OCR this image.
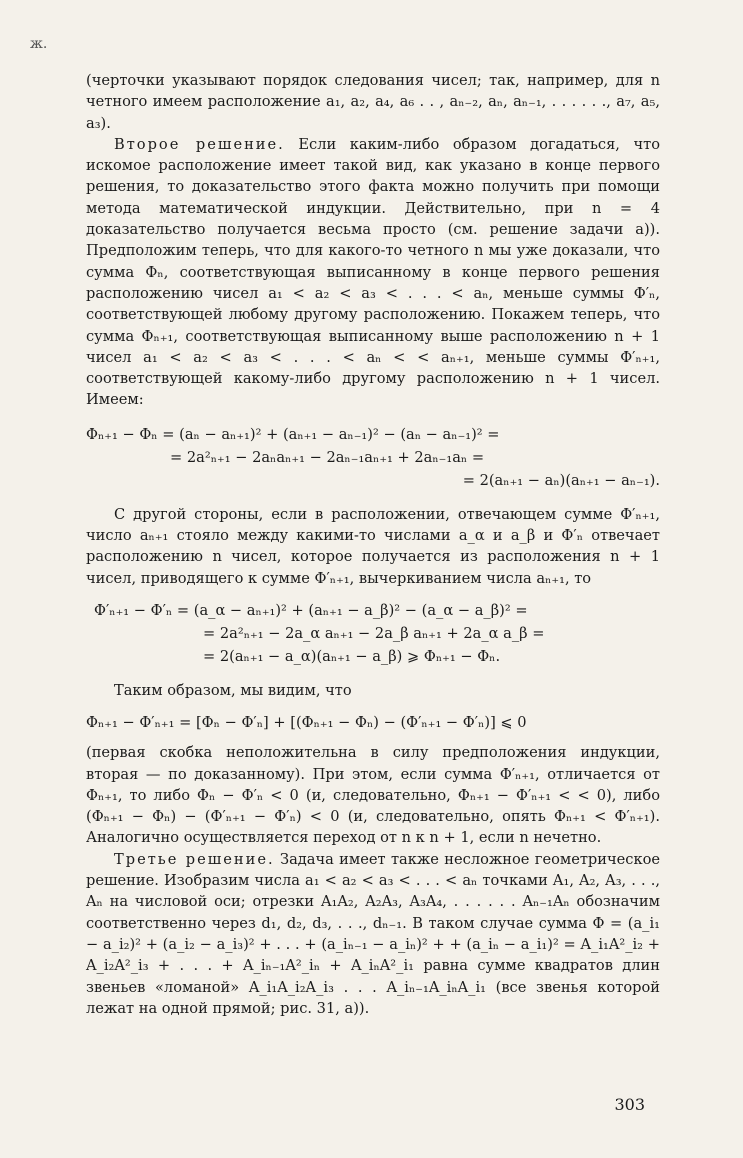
ж.

(черточки указывают порядок следования чисел; так, например, для n четного имеем расположение a₁, a₂, a₄, a₆ . . , aₙ₋₂, aₙ, aₙ₋₁, . . . . . ., a₇, a₅, a₃).

Второе решение. Если каким-либо образом догадаться, что искомое расположение имеет такой вид, как указано в конце первого решения, то доказательство этого факта можно получить при помощи метода математической индукции. Действительно, при n = 4 доказательство получается весьма просто (см. решение задачи а)). Предположим теперь, что для какого-то четного n мы уже доказали, что сумма Φₙ, соответствующая выписанному в конце первого решения расположению чисел a₁ < a₂ < a₃ < . . . < aₙ, меньше суммы Φ′ₙ, соответствующей любому другому расположению. Покажем теперь, что сумма Φₙ₊₁, соответствующая выписанному выше расположению n + 1 чисел a₁ < a₂ < a₃ < . . . < aₙ < < aₙ₊₁, меньше суммы Φ′ₙ₊₁, соответствующей какому-либо другому расположению n + 1 чисел. Имеем:

Φₙ₊₁ − Φₙ = (aₙ − aₙ₊₁)² + (aₙ₊₁ − aₙ₋₁)² − (aₙ − aₙ₋₁)² =
= 2a²ₙ₊₁ − 2aₙaₙ₊₁ − 2aₙ₋₁aₙ₊₁ + 2aₙ₋₁aₙ =
= 2(aₙ₊₁ − aₙ)(aₙ₊₁ − aₙ₋₁).

С другой стороны, если в расположении, отвечающем сумме Φ′ₙ₊₁, число aₙ₊₁ стояло между какими-то числами a_α и a_β и Φ′ₙ отвечает расположению n чисел, которое получается из расположения n + 1 чисел, приводящего к сумме Φ′ₙ₊₁, вычеркиванием числа aₙ₊₁, то

Φ′ₙ₊₁ − Φ′ₙ = (a_α − aₙ₊₁)² + (aₙ₊₁ − a_β)² − (a_α − a_β)² =
= 2a²ₙ₊₁ − 2a_α aₙ₊₁ − 2a_β aₙ₊₁ + 2a_α a_β =
= 2(aₙ₊₁ − a_α)(aₙ₊₁ − a_β) ⩾ Φₙ₊₁ − Φₙ.

Таким образом, мы видим, что

Φₙ₊₁ − Φ′ₙ₊₁ = [Φₙ − Φ′ₙ] + [(Φₙ₊₁ − Φₙ) − (Φ′ₙ₊₁ − Φ′ₙ)] ⩽ 0

(первая скобка неположительна в силу предположения индукции, вторая — по доказанному). При этом, если сумма Φ′ₙ₊₁, отличается от Φₙ₊₁, то либо Φₙ − Φ′ₙ < 0 (и, следовательно, Φₙ₊₁ − Φ′ₙ₊₁ < < 0), либо (Φₙ₊₁ − Φₙ) − (Φ′ₙ₊₁ − Φ′ₙ) < 0 (и, следовательно, опять Φₙ₊₁ < Φ′ₙ₊₁). Аналогично осуществляется переход от n к n + 1, если n нечетно.

Третье решение. Задача имеет также несложное геометрическое решение. Изобразим числа a₁ < a₂ < a₃ < . . . < aₙ точками A₁, A₂, A₃, . . ., Aₙ на числовой оси; отрезки A₁A₂, A₂A₃, A₃A₄, . . . . . . Aₙ₋₁Aₙ обозначим соответственно через d₁, d₂, d₃, . . ., dₙ₋₁. В таком случае сумма Φ = (a_i₁ − a_i₂)² + (a_i₂ − a_i₃)² + . . . + (a_iₙ₋₁ − a_iₙ)² + + (a_iₙ − a_i₁)² = A_i₁A²_i₂ + A_i₂A²_i₃ + . . . + A_iₙ₋₁A²_iₙ + A_iₙA²_i₁ равна сумме квадратов длин звеньев «ломаной» A_i₁A_i₂A_i₃ . . . A_iₙ₋₁A_iₙA_i₁ (все звенья которой лежат на одной прямой; рис. 31, а)).

303
